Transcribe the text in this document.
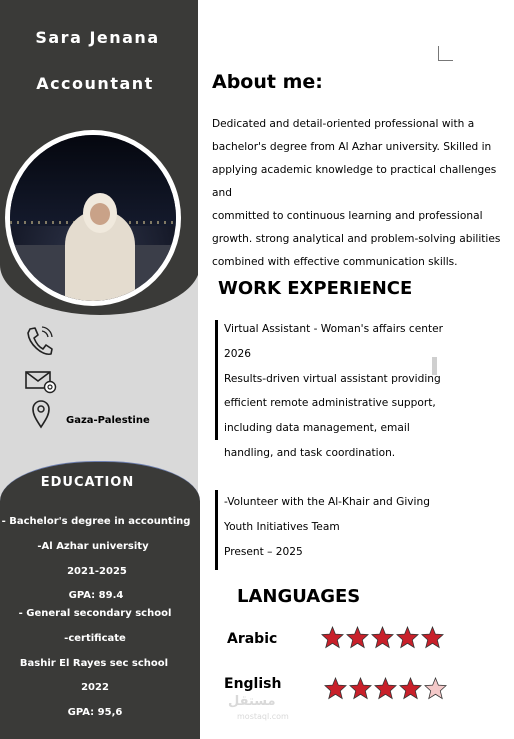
Sara Jenana
Accountant
Gaza-Palestine
EDUCATION
- Bachelor's degree in accounting
-Al Azhar university
2021-2025
GPA: 89.4
- General secondary school
-certificate
Bashir El Rayes sec school
2022
GPA: 95,6
About me:
Dedicated and detail-oriented professional with a
bachelor's degree from Al Azhar university. Skilled in
applying academic knowledge to practical challenges and
committed to continuous learning and professional
growth. strong analytical and problem-solving abilities
combined with effective communication skills.
WORK EXPERIENCE
Virtual Assistant - Woman's affairs center
2026
Results-driven virtual assistant providing
efficient remote administrative support,
including data management, email
handling, and task coordination.
-Volunteer with the Al-Khair and Giving
Youth Initiatives Team
Present – 2025
LANGUAGES
Arabic
English
مستقل
mostaql.com
